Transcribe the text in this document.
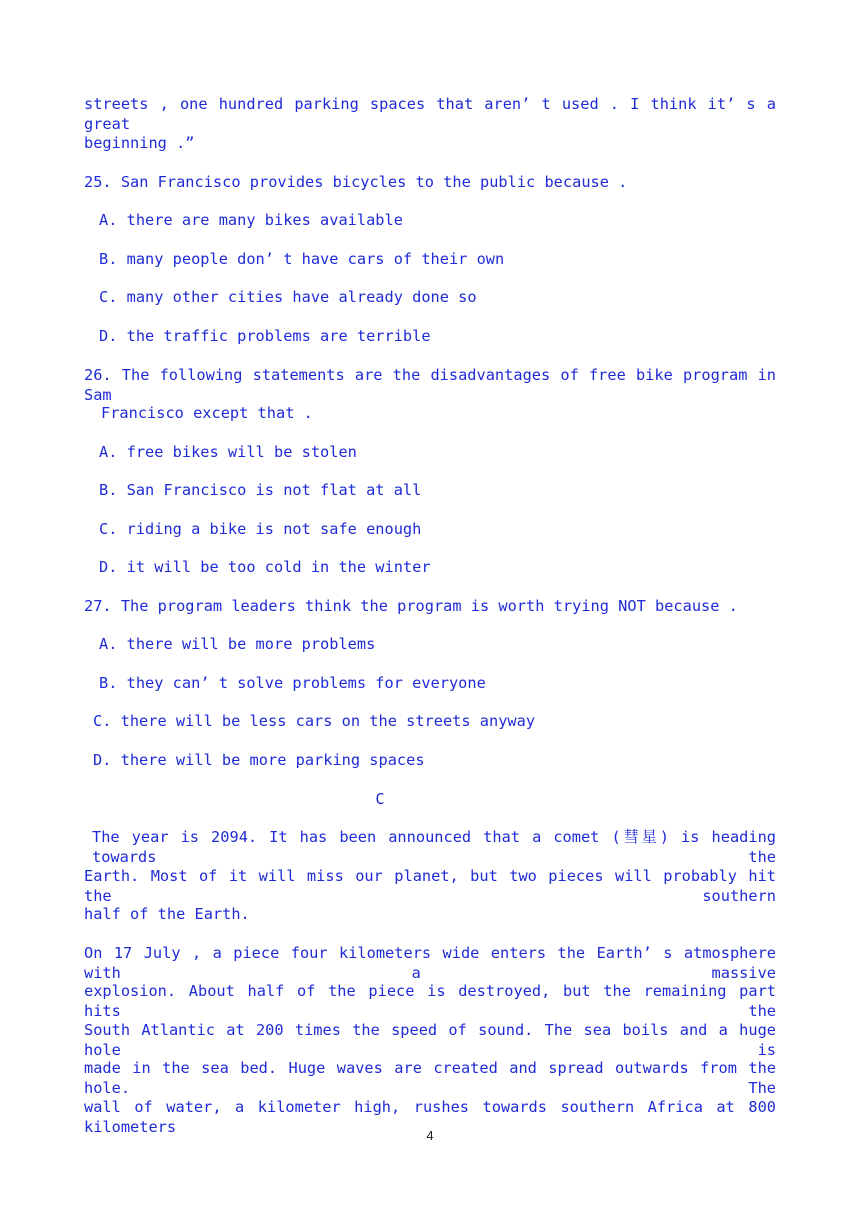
streets , one hundred parking spaces that aren’ t used . I think it’ s a great
beginning .”
25. San Francisco provides bicycles to the public because .
A. there are many bikes available
B. many people don’ t have cars of their own
C. many other cities have already done so
D. the traffic problems are terrible
26. The following statements are the disadvantages of free bike program in Sam
Francisco except that .
A. free bikes will be stolen
B. San Francisco is not flat at all
C. riding a bike is not safe enough
D. it will be too cold in the winter
27. The program leaders think the program is worth trying NOT because .
A. there will be more problems
B. they can’ t solve problems for everyone
C. there will be less cars on the streets anyway
D. there will be more parking spaces
C
The year is 2094. It has been announced that a comet (彗星) is heading towards the
Earth. Most of it will miss our planet, but two pieces will probably hit the southern
half of the Earth.
On 17 July , a piece four kilometers wide enters the Earth’ s atmosphere with a massive
explosion. About half of the piece is destroyed, but the remaining part hits the
South Atlantic at 200 times the speed of sound. The sea boils and a huge hole is
made in the sea bed. Huge waves are created and spread outwards from the hole. The
wall of water, a kilometer high, rushes towards southern Africa at 800 kilometers	4
